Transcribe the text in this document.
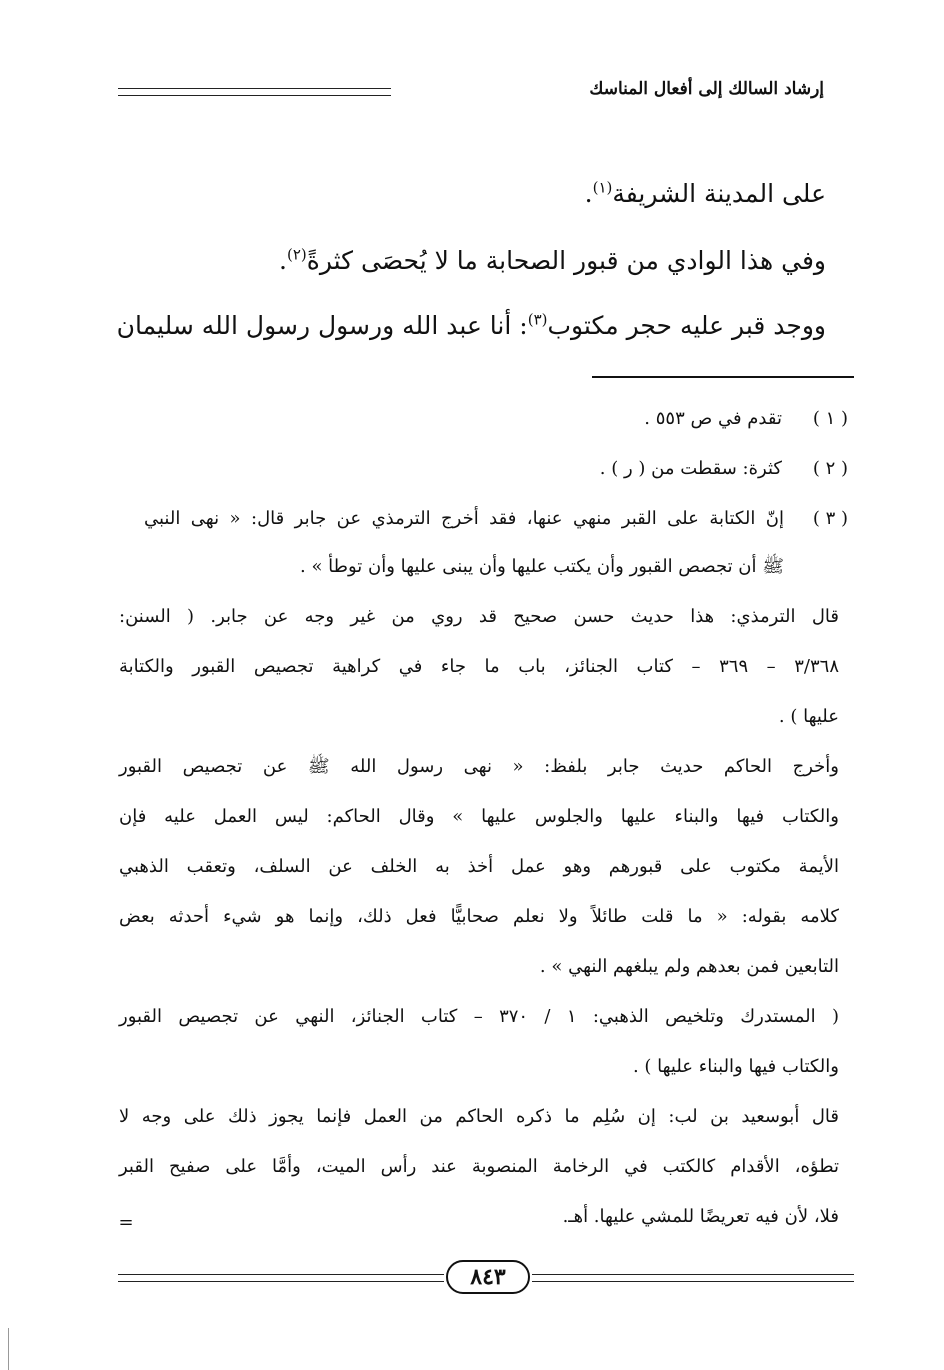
إرشاد السالك إلى أفعال المناسك
على المدينة الشريفة$^{(١)}$.
وفي هذا الوادي من قبور الصحابة ما لا يُحصَى كثرةً$^{(٢)}$.
ووجد قبر عليه حجر مكتوب$^{(٣)}$: أنا عبد الله ورسول رسول الله سليمان
( ١ )
تقدم في ص ٥٥٣ .
( ٢ )
كثرة: سقطت من ( ر ) .
( ٣ )
إنّ الكتابة على القبر منهي عنها، فقد أخرج الترمذي عن جابر قال: « نهى النبي
ﷺ أن تجصص القبور وأن يكتب عليها وأن يبنى عليها وأن توطأ » .
قال الترمذي: هذا حديث حسن صحيح قد روي من غير وجه عن جابر. ( السنن:
٣/٣٦٨ – ٣٦٩ – كتاب الجنائز، باب ما جاء في كراهية تجصيص القبور والكتابة
عليها ) .
وأخرج الحاكم حديث جابر بلفظ: « نهى رسول الله ﷺ عن تجصيص القبور
والكتاب فيها والبناء عليها والجلوس عليها » وقال الحاكم: ليس العمل عليه فإن
الأيمة مكتوب على قبورهم وهو عمل أخذ به الخلف عن السلف، وتعقب الذهبي
كلامه بقوله: « ما قلت طائلاً ولا نعلم صحابيًّا فعل ذلك، وإنما هو شيء أحدثه بعض
التابعين فمن بعدهم ولم يبلغهم النهي » .
( المستدرك وتلخيص الذهبي: ١ / ٣٧٠ – كتاب الجنائز، النهي عن تجصيص القبور
والكتاب فيها والبناء عليها ) .
قال أبوسعيد بن لب: إن سُلِم ما ذكره الحاكم من العمل فإنما يجوز ذلك على وجه لا
تطؤه، الأقدام كالكتب في الرخامة المنصوبة عند رأس الميت، وأمَّا على صفيح القبر
فلا، لأن فيه تعريضًا للمشي عليها. أهـ.
=
٨٤٣
